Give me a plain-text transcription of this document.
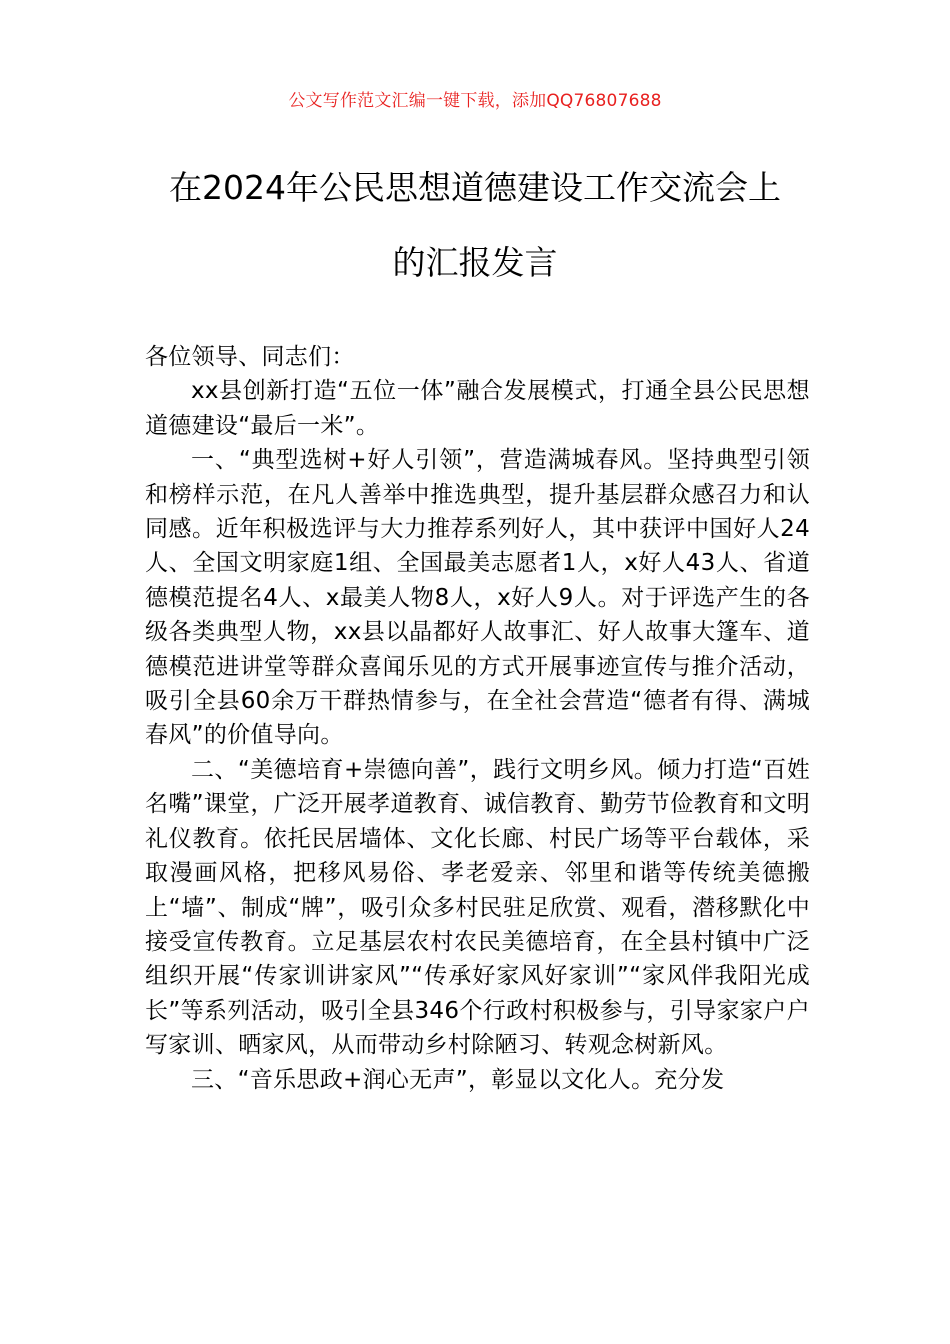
公文写作范文汇编一键下载，添加QQ76807688
在2024年公民思想道德建设工作交流会上
的汇报发言

各位领导、同志们：

xx县创新打造“五位一体”融合发展模式，打通全县公民思想道德建设“最后一米”。

一、“典型选树+好人引领”，营造满城春风。坚持典型引领和榜样示范，在凡人善举中推选典型，提升基层群众感召力和认同感。近年积极选评与大力推荐系列好人，其中获评中国好人24人、全国文明家庭1组、全国最美志愿者1人，x好人43人、省道德模范提名4人、x最美人物8人，x好人9人。对于评选产生的各级各类典型人物，xx县以晶都好人故事汇、好人故事大篷车、道德模范进讲堂等群众喜闻乐见的方式开展事迹宣传与推介活动，吸引全县60余万干群热情参与，在全社会营造“德者有得、满城春风”的价值导向。

二、“美德培育+崇德向善”，践行文明乡风。倾力打造“百姓名嘴”课堂，广泛开展孝道教育、诚信教育、勤劳节俭教育和文明礼仪教育。依托民居墙体、文化长廊、村民广场等平台载体，采取漫画风格，把移风易俗、孝老爱亲、邻里和谐等传统美德搬上“墙”、制成“牌”，吸引众多村民驻足欣赏、观看，潜移默化中接受宣传教育。立足基层农村农民美德培育，在全县村镇中广泛组织开展“传家训讲家风”“传承好家风好家训”“家风伴我阳光成长”等系列活动，吸引全县346个行政村积极参与，引导家家户户写家训、晒家风，从而带动乡村除陋习、转观念树新风。

三、“音乐思政+润心无声”，彰显以文化人。充分发
